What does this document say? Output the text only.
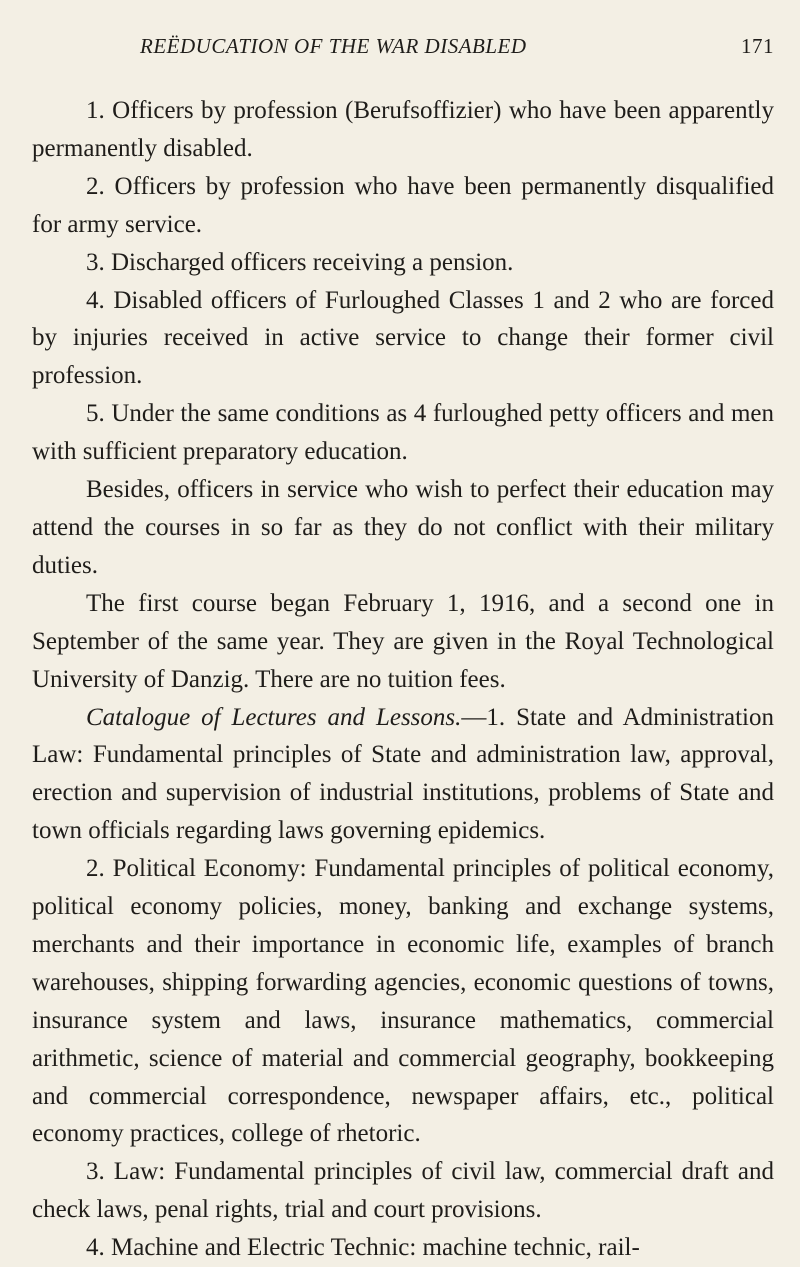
REËDUCATION OF THE WAR DISABLED	171

1. Officers by profession (Berufsoffizier) who have been apparently permanently disabled.

2. Officers by profession who have been permanently disqualified for army service.

3. Discharged officers receiving a pension.

4. Disabled officers of Furloughed Classes 1 and 2 who are forced by injuries received in active service to change their former civil profession.

5. Under the same conditions as 4 furloughed petty officers and men with sufficient preparatory education.

Besides, officers in service who wish to perfect their education may attend the courses in so far as they do not conflict with their military duties.

The first course began February 1, 1916, and a second one in September of the same year. They are given in the Royal Technological University of Danzig. There are no tuition fees.

Catalogue of Lectures and Lessons.—1. State and Administration Law: Fundamental principles of State and administration law, approval, erection and supervision of industrial institutions, problems of State and town officials regarding laws governing epidemics.

2. Political Economy: Fundamental principles of political economy, political economy policies, money, banking and exchange systems, merchants and their importance in economic life, examples of branch warehouses, shipping forwarding agencies, economic questions of towns, insurance system and laws, insurance mathematics, commercial arithmetic, science of material and commercial geography, bookkeeping and commercial correspondence, newspaper affairs, etc., political economy practices, college of rhetoric.

3. Law: Fundamental principles of civil law, commercial draft and check laws, penal rights, trial and court provisions.

4. Machine and Electric Technic: machine technic, rail-
